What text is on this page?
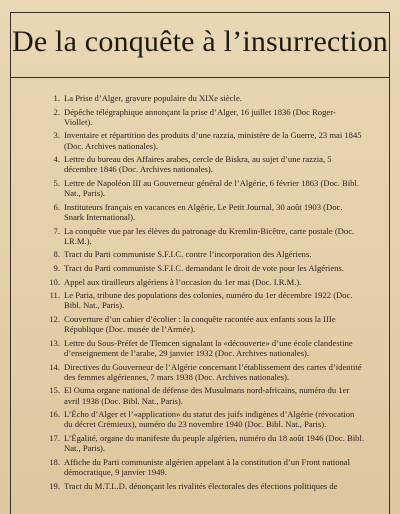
De la conquête à l’insurrection
1. La Prise d’Alger, gravure populaire du XIXe siècle.
2. Dépêche télégraphique annonçant la prise d’Alger, 16 juillet 1836 (Doc Roger-Viollet).
3. Inventaire et répartition des produits d’une razzia, ministère de la Guerre, 23 mai 1845 (Doc. Archives nationales).
4. Lettre du bureau des Affaires arabes, cercle de Biskra, au sujet d’une razzia, 5 décembre 1846 (Doc. Archives nationales).
5. Lettre de Napoléon III au Gouverneur général de l’Algérie, 6 février 1863 (Doc. Bibl. Nat., Paris).
6. Instituteurs français en vacances en Algérie, Le Petit Journal, 30 août 1903 (Doc. Snark International).
7. La conquête vue par les élèves du patronage du Kremlin-Bicêtre, carte postale (Doc. I.R.M.).
8. Tract du Parti communiste S.F.I.C. contre l’incorporation des Algériens.
9. Tract du Parti communiste S.F.I.C. demandant le droit de vote pour les Algériens.
10. Appel aux tirailleurs algériens à l’occasion du 1er mai (Doc. I.R.M.).
11. Le Paria, tribune des populations des colonies, numéro du 1er décembre 1922 (Doc. Bibl. Nat., Paris).
12. Couverture d’un cahier d’écolier : la conquête racontée aux enfants sous la IIIe République (Doc. musée de l’Armée).
13. Lettre du Sous-Préfet de Tlemcen signalant la «découverte» d’une école clandestine d’enseignement de l’arabe, 29 janvier 1932 (Doc. Archives nationales).
14. Directives du Gouverneur de l’Algérie concernant l’établissement des cartes d’identité des femmes algériennes, 7 mars 1938 (Doc. Archives nationales).
15. El Ouma organe national de défense des Musulmans nord-africains, numéro du 1er avril 1938 (Doc. Bibl. Nat., Paris).
16. L’Écho d’Alger et l’«application» du statut des juifs indigènes d’Algérie (révocation du décret Crémieux), numéro du 23 novembre 1940 (Doc. Bibl. Nat., Paris).
17. L’Égalité, organe du manifeste du peuple algérien, numéro du 18 août 1946 (Doc. Bibl. Nat., Paris).
18. Affiche du Parti communiste algérien appelant à la constitution d’un Front national démocratique, 9 janvier 1949.
19. Tract du M.T.L.D. dénonçant les rivalités électorales des élections politiques de
